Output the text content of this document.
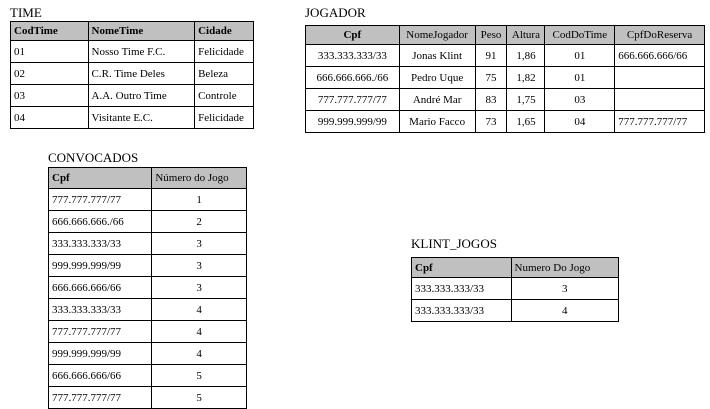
TIME
CodTime	NomeTime	Cidade
01	Nosso Time F.C.	Felicidade
02	C.R. Time Deles	Beleza
03	A.A. Outro Time	Controle
04	Visitante E.C.	Felicidade
JOGADOR
Cpf	NomeJogador	Peso	Altura	CodDoTime	CpfDoReserva
333.333.333/33	Jonas Klint	91	1,86	01	666.666.666/66
666.666.666./66	Pedro Uque	75	1,82	01	
777.777.777/77	André Mar	83	1,75	03	
999.999.999/99	Mario Facco	73	1,65	04	777.777.777/77
CONVOCADOS
Cpf	Número do Jogo
777.777.777/77	1
666.666.666./66	2
333.333.333/33	3
999.999.999/99	3
666.666.666/66	3
333.333.333/33	4
777.777.777/77	4
999.999.999/99	4
666.666.666/66	5
777.777.777/77	5
KLINT_JOGOS
Cpf	Numero Do Jogo
333.333.333/33	3
333.333.333/33	4
